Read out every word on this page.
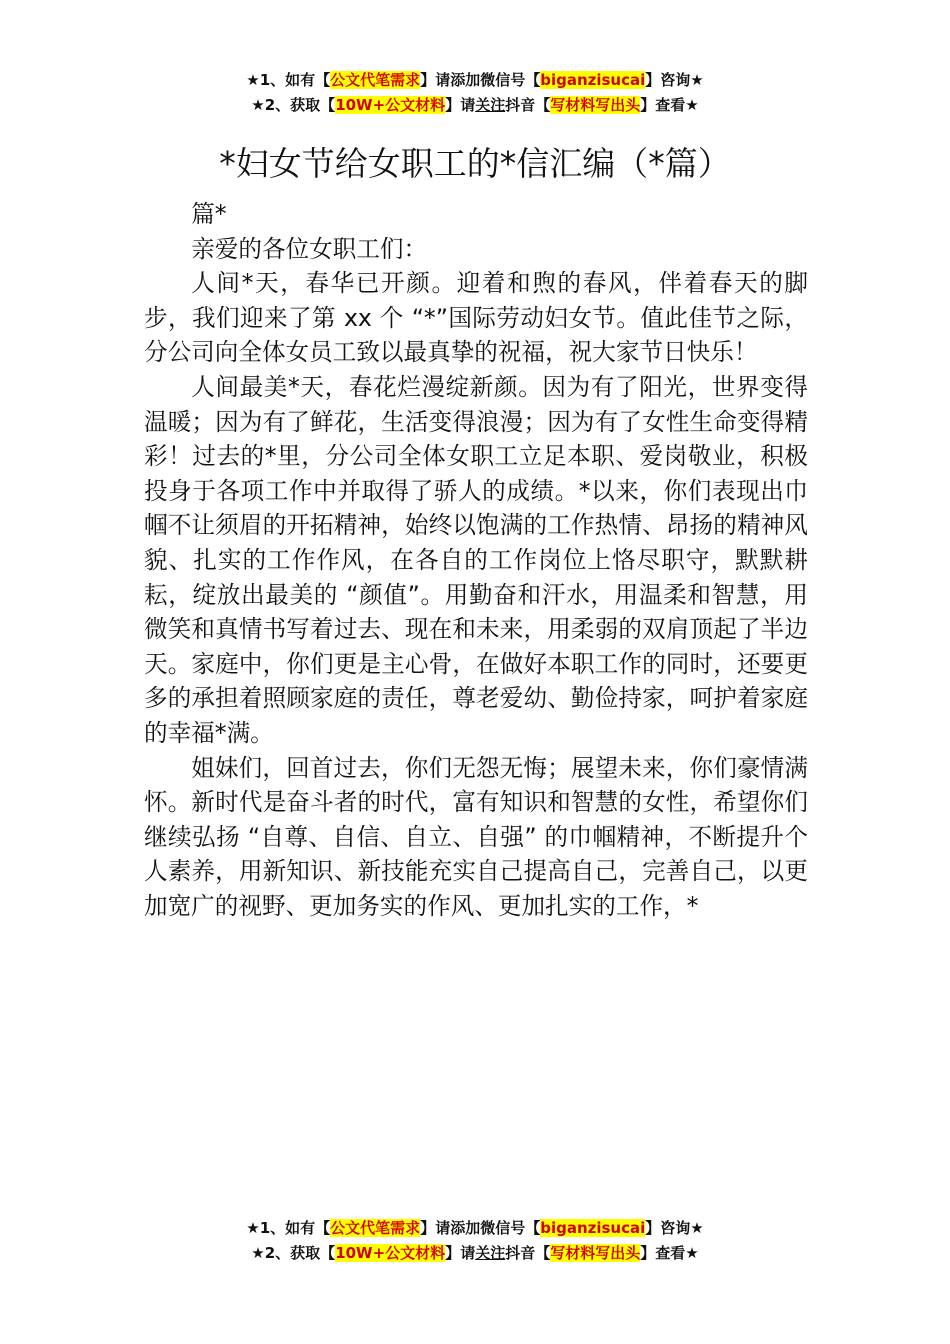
★1、如有【公文代笔需求】请添加微信号【biganzisucai】咨询★
★2、获取【10W+公文材料】请关注抖音【写材料写出头】查看★
*妇女节给女职工的*信汇编（*篇）

篇*

亲爱的各位女职工们：

人间*天，春华已开颜。迎着和煦的春风，伴着春天的脚步，我们迎来了第 xx 个 “*”国际劳动妇女节。值此佳节之际，分公司向全体女员工致以最真挚的祝福，祝大家节日快乐！

人间最美*天，春花烂漫绽新颜。因为有了阳光，世界变得温暖；因为有了鲜花，生活变得浪漫；因为有了女性生命变得精彩！过去的*里，分公司全体女职工立足本职、爱岗敬业，积极投身于各项工作中并取得了骄人的成绩。*以来，你们表现出巾帼不让须眉的开拓精神，始终以饱满的工作热情、昂扬的精神风貌、扎实的工作作风，在各自的工作岗位上恪尽职守，默默耕耘，绽放出最美的 “颜值”。用勤奋和汗水，用温柔和智慧，用微笑和真情书写着过去、现在和未来，用柔弱的双肩顶起了半边天。家庭中，你们更是主心骨，在做好本职工作的同时，还要更多的承担着照顾家庭的责任，尊老爱幼、勤俭持家，呵护着家庭的幸福*满。

姐妹们，回首过去，你们无怨无悔；展望未来，你们豪情满怀。新时代是奋斗者的时代，富有知识和智慧的女性，希望你们继续弘扬 “自尊、自信、自立、自强” 的巾帼精神，不断提升个人素养，用新知识、新技能充实自己提高自己，完善自己，以更加宽广的视野、更加务实的作风、更加扎实的工作，*

★1、如有【公文代笔需求】请添加微信号【biganzisucai】咨询★
★2、获取【10W+公文材料】请关注抖音【写材料写出头】查看★
